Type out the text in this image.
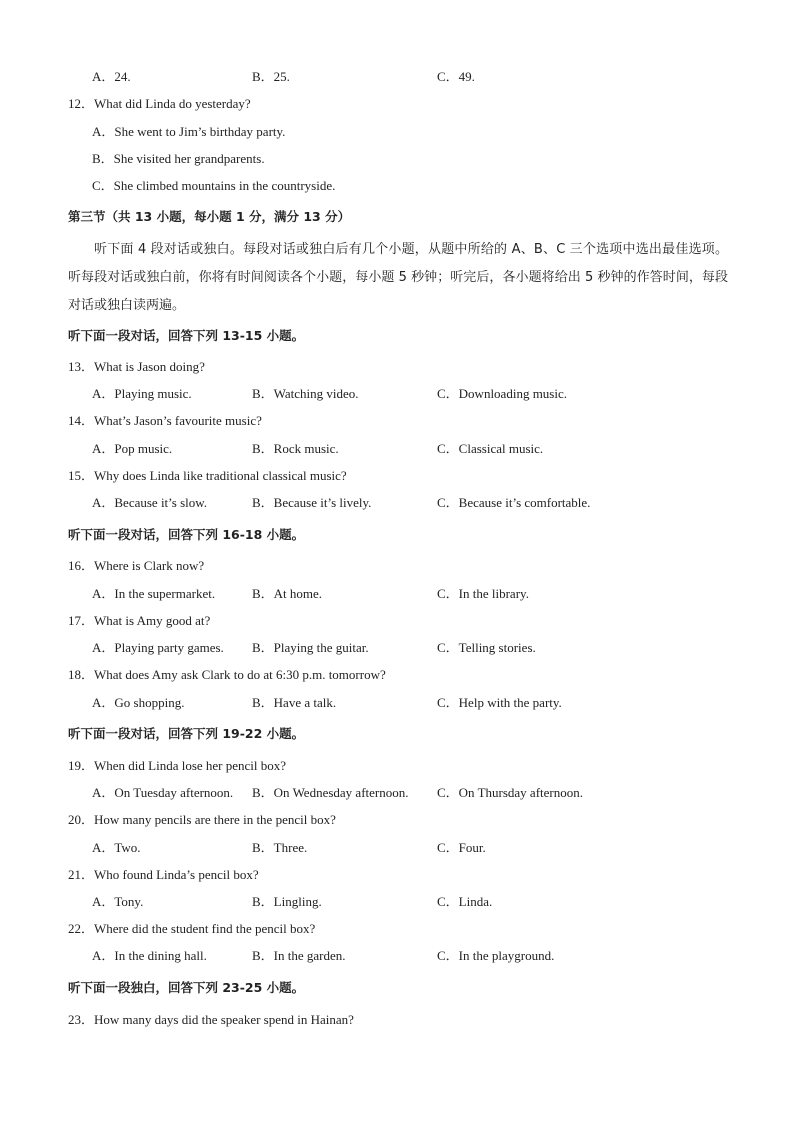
A．24.	B．25.	C．49.
12．What did Linda do yesterday?
A．She went to Jim’s birthday party.
B．She visited her grandparents.
C．She climbed mountains in the countryside.
第三节（共 13 小题，每小题 1 分，满分 13 分）
听下面 4 段对话或独白。每段对话或独白后有几个小题，从题中所给的 A、B、C 三个选项中选出最佳选项。听每段对话或独白前，你将有时间阅读各个小题，每小题 5 秒钟；听完后，各小题将给出 5 秒钟的作答时间，每段对话或独白读两遍。
听下面一段对话，回答下列 13-15 小题。
13．What is Jason doing?
A．Playing music.	B．Watching video.	C．Downloading music.
14．What’s Jason’s favourite music?
A．Pop music.	B．Rock music.	C．Classical music.
15．Why does Linda like traditional classical music?
A．Because it’s slow.	B．Because it’s lively.	C．Because it’s comfortable.
听下面一段对话，回答下列 16-18 小题。
16．Where is Clark now?
A．In the supermarket.	B．At home.	C．In the library.
17．What is Amy good at?
A．Playing party games. B．Playing the guitar.	C．Telling stories.
18．What does Amy ask Clark to do at 6:30 p.m. tomorrow?
A．Go shopping.	B．Have a talk.	C．Help with the party.
听下面一段对话，回答下列 19-22 小题。
19．When did Linda lose her pencil box?
A．On Tuesday afternoon. B．On Wednesday afternoon. C．On Thursday afternoon.
20．How many pencils are there in the pencil box?
A．Two.	B．Three.	C．Four.
21．Who found Linda’s pencil box?
A．Tony.	B．Lingling.	C．Linda.
22．Where did the student find the pencil box?
A．In the dining hall.	B．In the garden.	C．In the playground.
听下面一段独白，回答下列 23-25 小题。
23．How many days did the speaker spend in Hainan?
